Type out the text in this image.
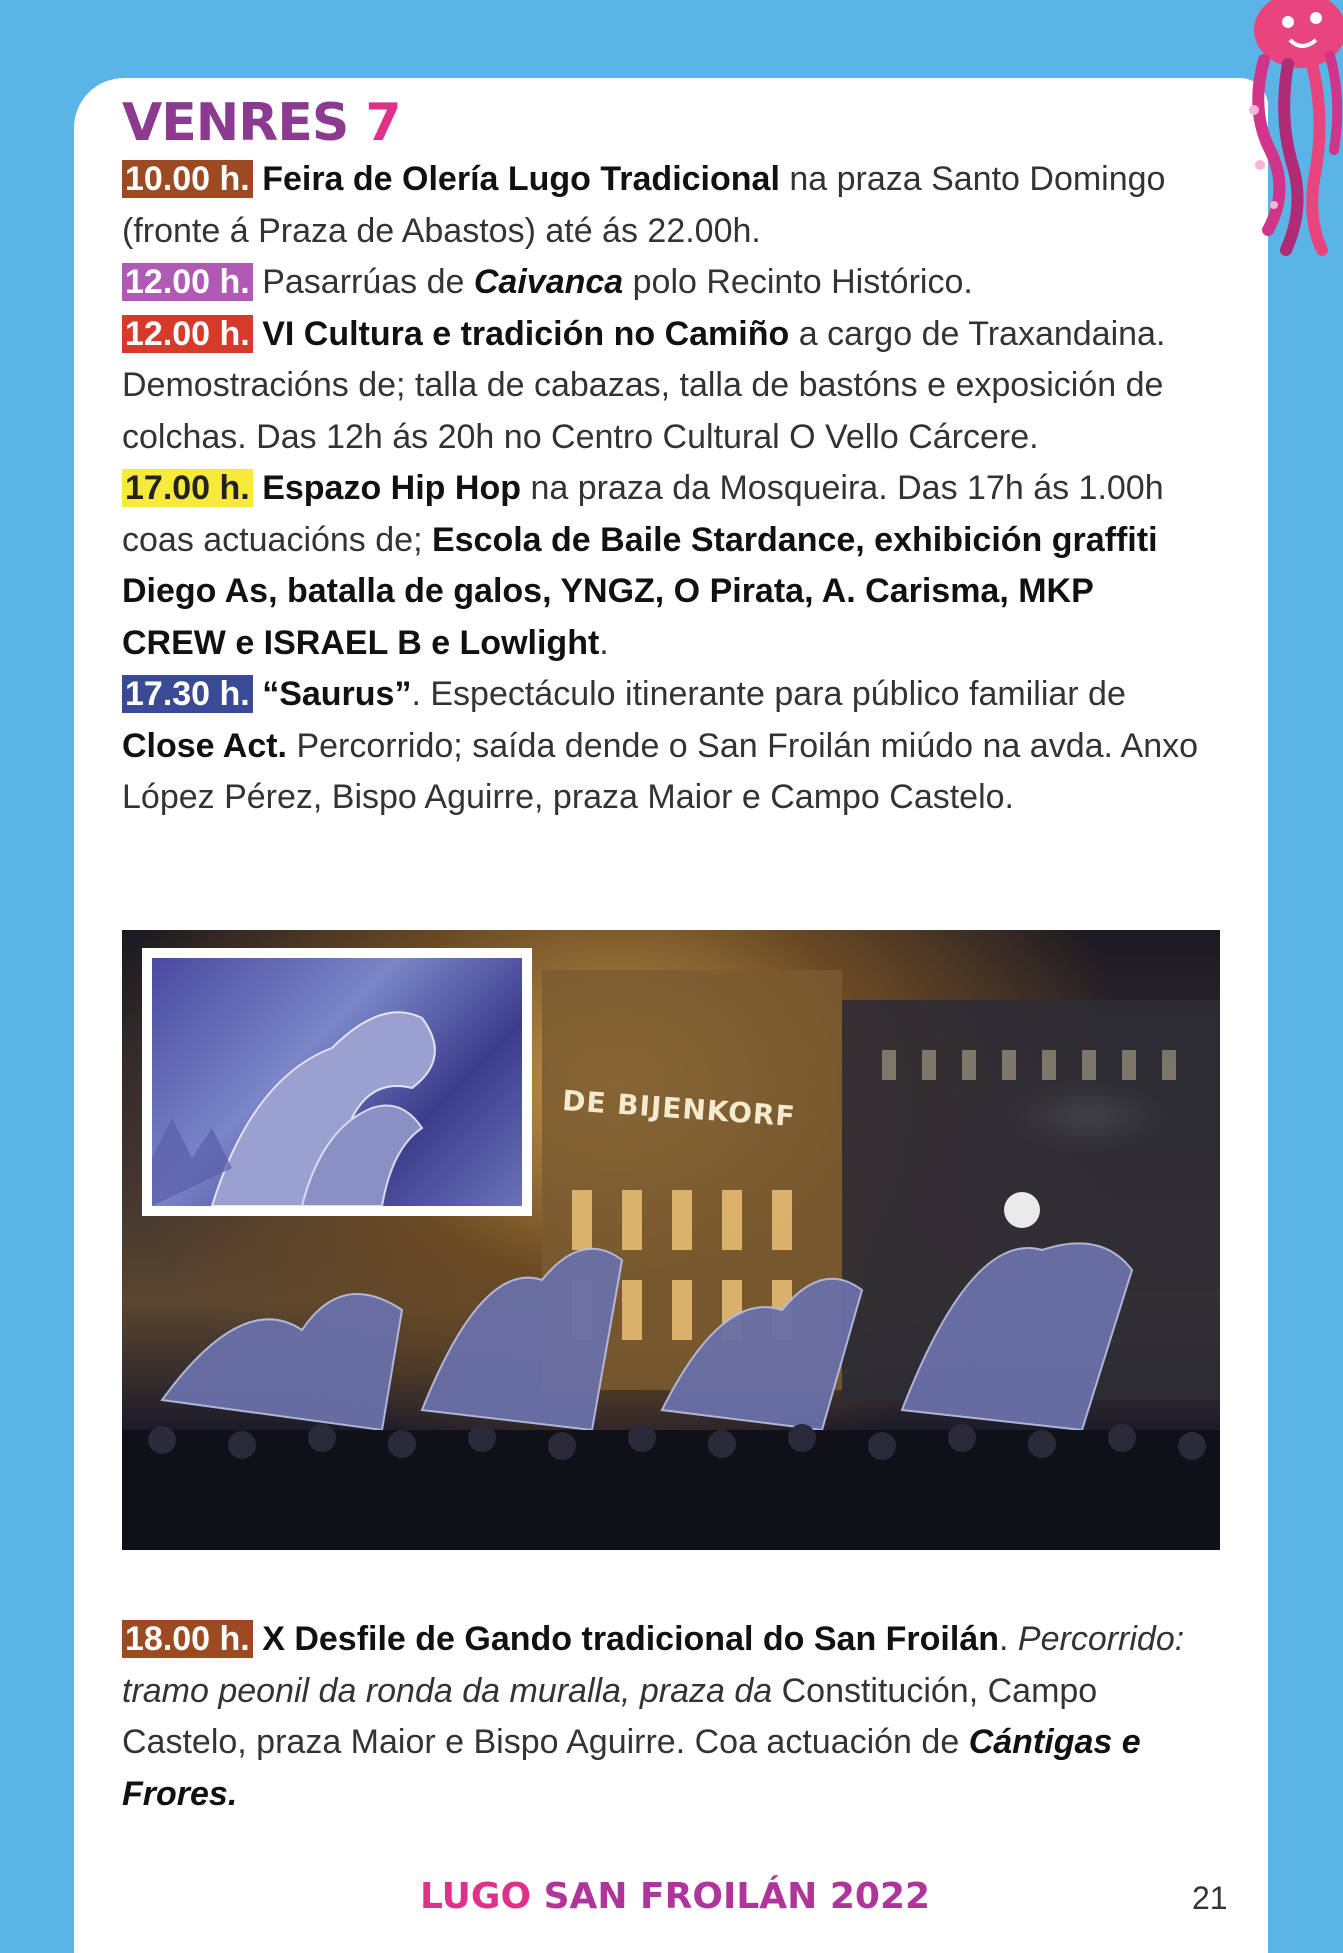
VENRES 7

10.00 h. Feira de Olería Lugo Tradicional na praza Santo Domingo (fronte á Praza de Abastos) até ás 22.00h.

12.00 h. Pasarrúas de Caivanca polo Recinto Histórico.

12.00 h. VI Cultura e tradición no Camiño a cargo de Traxandaina. Demostracións de; talla de cabazas, talla de bastóns e exposición de colchas. Das 12h ás 20h no Centro Cultural O Vello Cárcere.

17.00 h. Espazo Hip Hop na praza da Mosqueira. Das 17h ás 1.00h coas actuacións de; Escola de Baile Stardance, exhibición graffiti Diego As, batalla de galos, YNGZ, O Pirata, A. Carisma, MKP CREW e ISRAEL B e Lowlight.

17.30 h. “Saurus”. Espectáculo itinerante para público familiar de Close Act. Percorrido; saída dende o San Froilán miúdo na avda. Anxo López Pérez, Bispo Aguirre, praza Maior e Campo Castelo.

DE BIJENKORF

18.00 h. X Desfile de Gando tradicional do San Froilán. Percorrido: tramo peonil da ronda da muralla, praza da Constitución, Campo Castelo, praza Maior e Bispo Aguirre. Coa actuación de Cántigas e Frores.

LUGO SAN FROILÁN 2022	21
